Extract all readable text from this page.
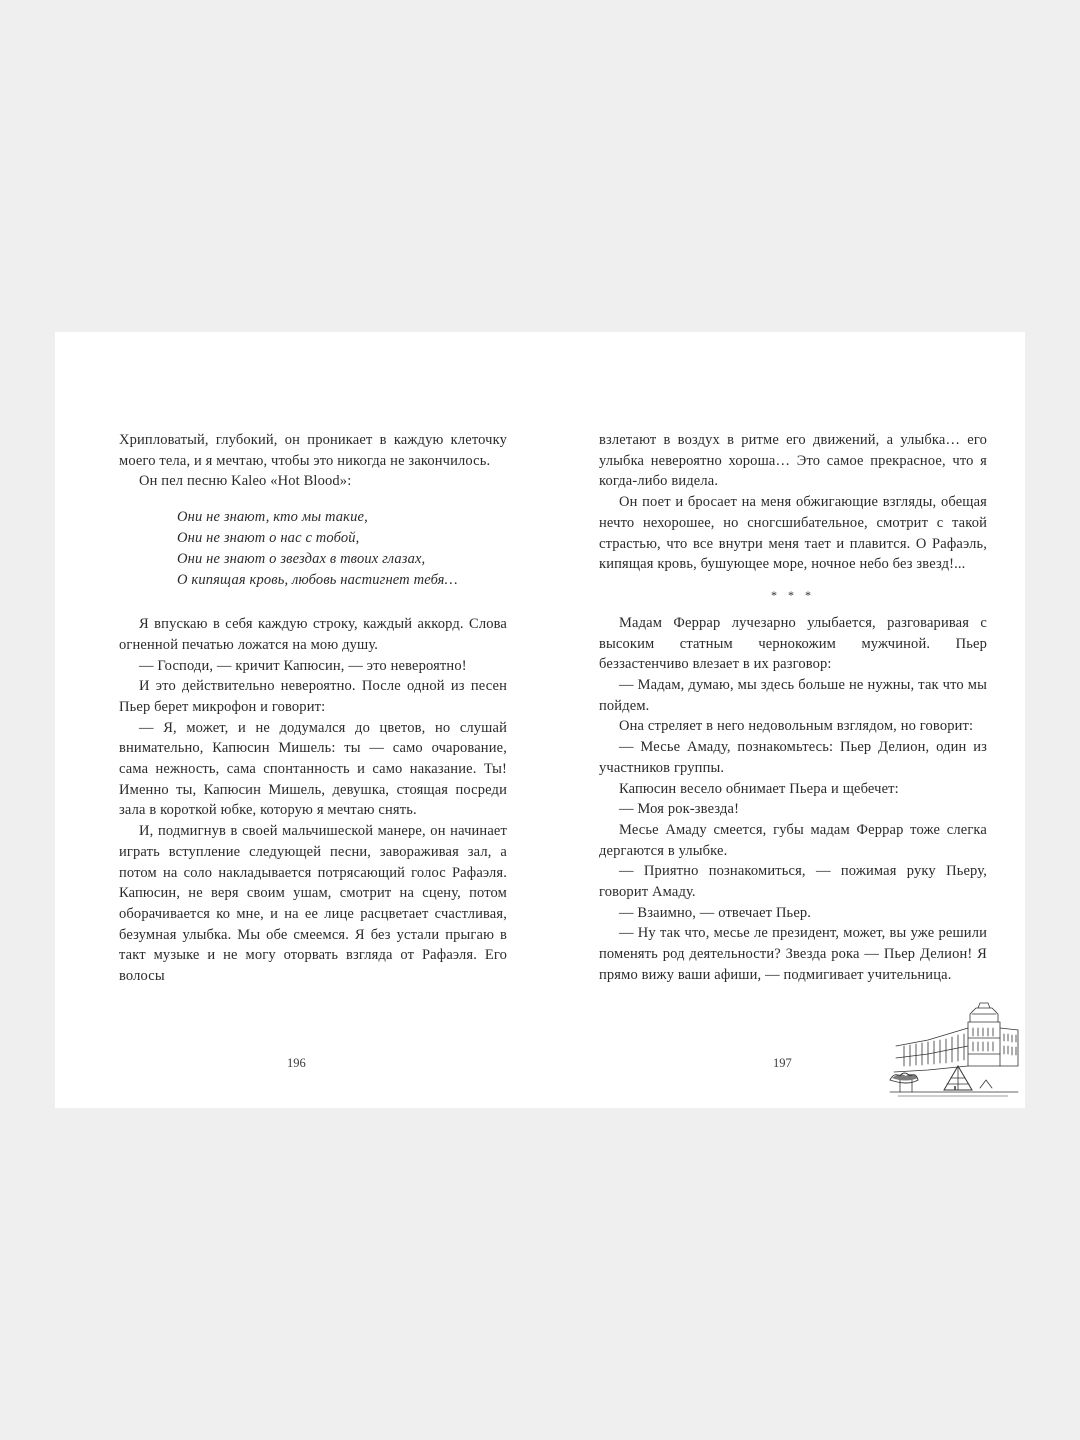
Хрипловатый, глубокий, он проникает в каждую клеточку моего тела, и я мечтаю, чтобы это никогда не закончилось.

Он пел песню Kaleo «Hot Blood»:

Они не знают, кто мы такие,
Они не знают о нас с тобой,
Они не знают о звездах в твоих глазах,
О кипящая кровь, любовь настигнет тебя…

Я впускаю в себя каждую строку, каждый аккорд. Слова огненной печатью ложатся на мою душу.

— Господи, — кричит Капюсин, — это невероятно!

И это действительно невероятно. После одной из песен Пьер берет микрофон и говорит:

— Я, может, и не додумался до цветов, но слушай внимательно, Капюсин Мишель: ты — само очарование, сама нежность, сама спонтанность и само наказание. Ты! Именно ты, Капюсин Мишель, девушка, стоящая посреди зала в короткой юбке, которую я мечтаю снять.

И, подмигнув в своей мальчишеской манере, он начинает играть вступление следующей песни, завораживая зал, а потом на соло накладывается потрясающий голос Рафаэля. Капюсин, не веря своим ушам, смотрит на сцену, потом оборачивается ко мне, и на ее лице расцветает счастливая, безумная улыбка. Мы обе смеемся. Я без устали прыгаю в такт музыке и не могу оторвать взгляда от Рафаэля. Его волосы

196

взлетают в воздух в ритме его движений, а улыбка… его улыбка невероятно хороша… Это самое прекрасное, что я когда-либо видела.

Он поет и бросает на меня обжигающие взгляды, обещая нечто нехорошее, но сногсшибательное, смотрит с такой страстью, что все внутри меня тает и плавится. О Рафаэль, кипящая кровь, бушующее море, ночное небо без звезд!...

* * *

Мадам Феррар лучезарно улыбается, разговаривая с высоким статным чернокожим мужчиной. Пьер беззастенчиво влезает в их разговор:

— Мадам, думаю, мы здесь больше не нужны, так что мы пойдем.

Она стреляет в него недовольным взглядом, но говорит:

— Месье Амаду, познакомьтесь: Пьер Делион, один из участников группы.

Капюсин весело обнимает Пьера и щебечет:

— Моя рок-звезда!

Месье Амаду смеется, губы мадам Феррар тоже слегка дергаются в улыбке.

— Приятно познакомиться, — пожимая руку Пьеру, говорит Амаду.

— Взаимно, — отвечает Пьер.

— Ну так что, месье ле президент, может, вы уже решили поменять род деятельности? Звезда рока — Пьер Делион! Я прямо вижу ваши афиши, — подмигивает учительница.

197
